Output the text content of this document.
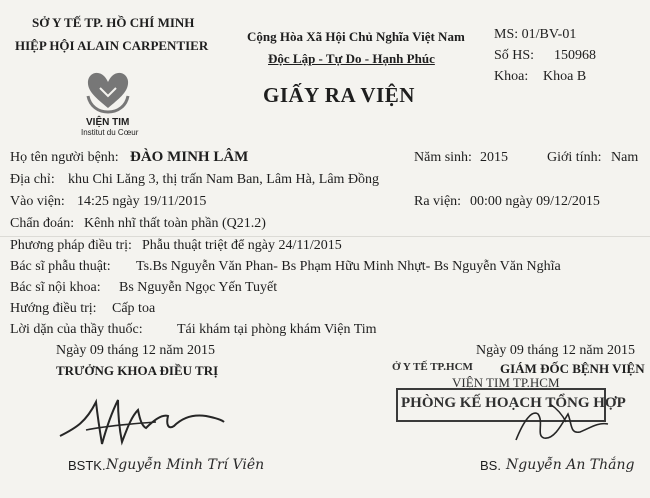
SỞ Y TẾ TP. HỒ CHÍ MINH
HIỆP HỘI ALAIN CARPENTIER
VIỆN TIM
Institut du Cœur
Cộng Hòa Xã Hội Chủ Nghĩa Việt Nam
Độc Lập - Tự Do - Hạnh Phúc
MS: 01/BV-01
Số HS: 150968
Khoa: Khoa B
GIẤY RA VIỆN
Họ tên người bệnh: ĐÀO MINH LÂM	Năm sinh: 2015	Giới tính: Nam
Địa chỉ: khu Chi Lăng 3, thị trấn Nam Ban, Lâm Hà, Lâm Đồng
Vào viện: 14:25 ngày 19/11/2015	Ra viện: 00:00 ngày 09/12/2015
Chẩn đoán: Kênh nhĩ thất toàn phần (Q21.2)
Phương pháp điều trị: Phẫu thuật triệt để ngày 24/11/2015
Bác sĩ phẫu thuật: Ts.Bs Nguyễn Văn Phan- Bs Phạm Hữu Minh Nhựt- Bs Nguyễn Văn Nghĩa
Bác sĩ nội khoa: Bs Nguyễn Ngọc Yến Tuyết
Hướng điều trị: Cấp toa
Lời dặn của thầy thuốc: Tái khám tại phòng khám Viện Tim
Ngày 09 tháng 12 năm 2015
TRƯỞNG KHOA ĐIỀU TRỊ
BSTK. Nguyễn Minh Trí Viên
Ngày 09 tháng 12 năm 2015
Ở Y TẾ TP.HCM GIÁM ĐỐC BỆNH VIỆN
VIỆN TIM TP.HCM
PHÒNG KẾ HOẠCH TỔNG HỢP
BS. Nguyễn An Thắng
